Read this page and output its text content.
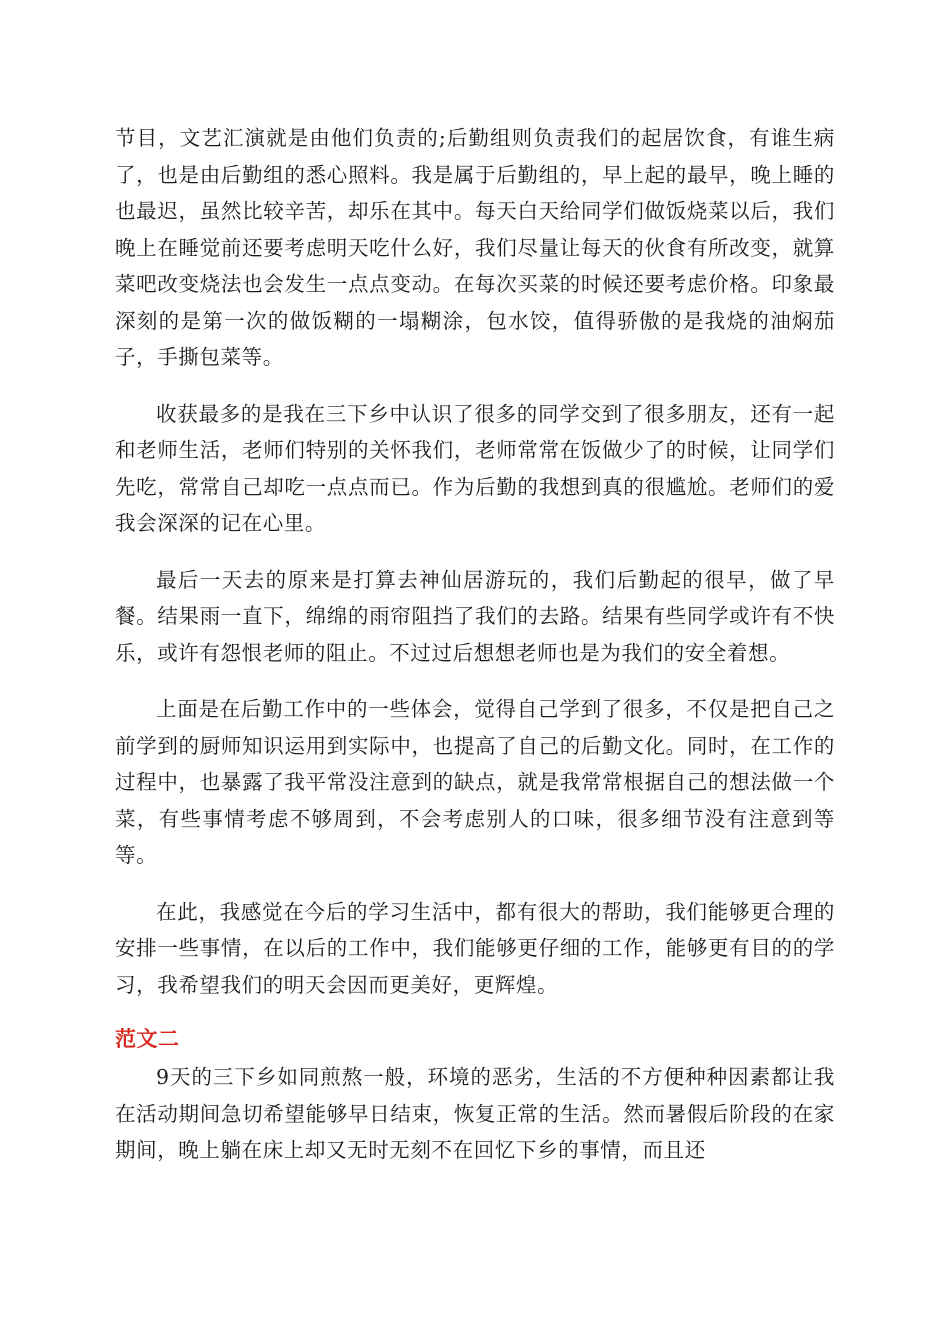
节目，文艺汇演就是由他们负责的;后勤组则负责我们的起居饮食，有谁生病了，也是由后勤组的悉心照料。我是属于后勤组的，早上起的最早，晚上睡的也最迟，虽然比较辛苦，却乐在其中。每天白天给同学们做饭烧菜以后，我们晚上在睡觉前还要考虑明天吃什么好，我们尽量让每天的伙食有所改变，就算菜吧改变烧法也会发生一点点变动。在每次买菜的时候还要考虑价格。印象最深刻的是第一次的做饭糊的一塌糊涂，包水饺，值得骄傲的是我烧的油焖茄子，手撕包菜等。

收获最多的是我在三下乡中认识了很多的同学交到了很多朋友，还有一起和老师生活，老师们特别的关怀我们，老师常常在饭做少了的时候，让同学们先吃，常常自己却吃一点点而已。作为后勤的我想到真的很尴尬。老师们的爱我会深深的记在心里。

最后一天去的原来是打算去神仙居游玩的，我们后勤起的很早，做了早餐。结果雨一直下，绵绵的雨帘阻挡了我们的去路。结果有些同学或许有不快乐，或许有怨恨老师的阻止。不过过后想想老师也是为我们的安全着想。

上面是在后勤工作中的一些体会，觉得自己学到了很多，不仅是把自己之前学到的厨师知识运用到实际中，也提高了自己的后勤文化。同时，在工作的过程中，也暴露了我平常没注意到的缺点，就是我常常根据自己的想法做一个菜，有些事情考虑不够周到，不会考虑别人的口味，很多细节没有注意到等等。

在此，我感觉在今后的学习生活中，都有很大的帮助，我们能够更合理的安排一些事情，在以后的工作中，我们能够更仔细的工作，能够更有目的的学习，我希望我们的明天会因而更美好，更辉煌。

范文二

9天的三下乡如同煎熬一般，环境的恶劣，生活的不方便种种因素都让我在活动期间急切希望能够早日结束，恢复正常的生活。然而暑假后阶段的在家期间，晚上躺在床上却又无时无刻不在回忆下乡的事情，而且还
